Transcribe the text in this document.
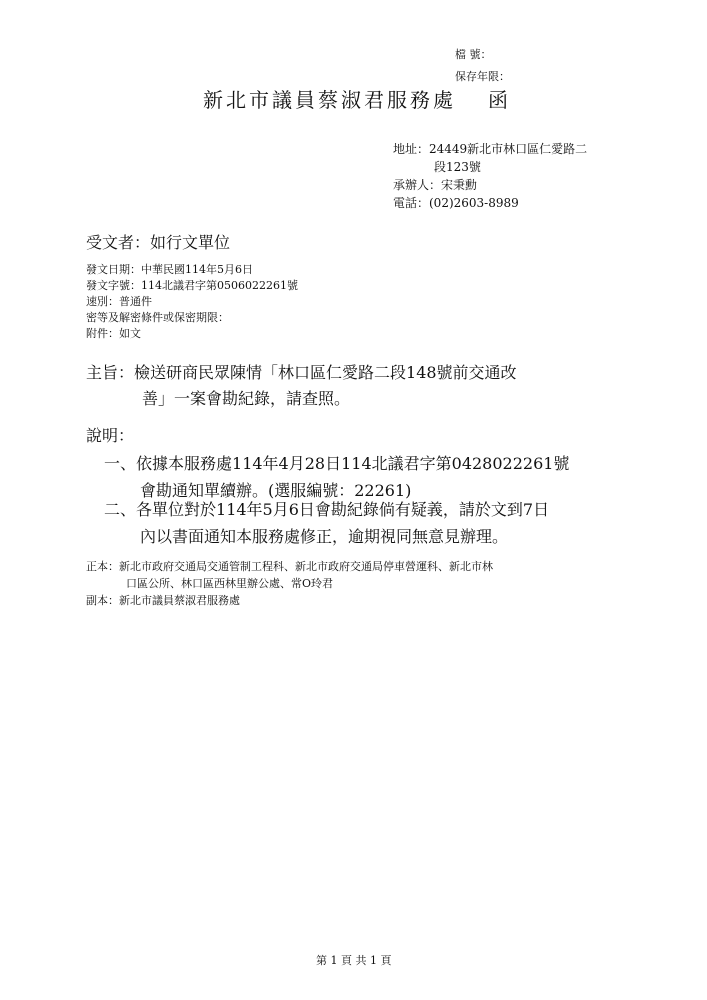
檔 號：
保存年限：
新北市議員蔡淑君服務處 函
地址：24449新北市林口區仁愛路二
段123號
承辦人：宋秉勳
電話：(02)2603-8989
受文者：如行文單位
發文日期：中華民國114年5月6日
發文字號：114北議君字第0506022261號
速別：普通件
密等及解密條件或保密期限：
附件：如文
主旨：檢送研商民眾陳情「林口區仁愛路二段148號前交通改
善」一案會勘紀錄，請查照。
說明：
一、依據本服務處114年4月28日114北議君字第0428022261號
會勘通知單續辦。(選服編號：22261)
二、各單位對於114年5月6日會勘紀錄倘有疑義，請於文到7日
內以書面通知本服務處修正，逾期視同無意見辦理。
正本：新北市政府交通局交通管制工程科、新北市政府交通局停車營運科、新北市林
口區公所、林口區西林里辦公處、常O玲君
副本：新北市議員蔡淑君服務處
第 1 頁 共 1 頁
